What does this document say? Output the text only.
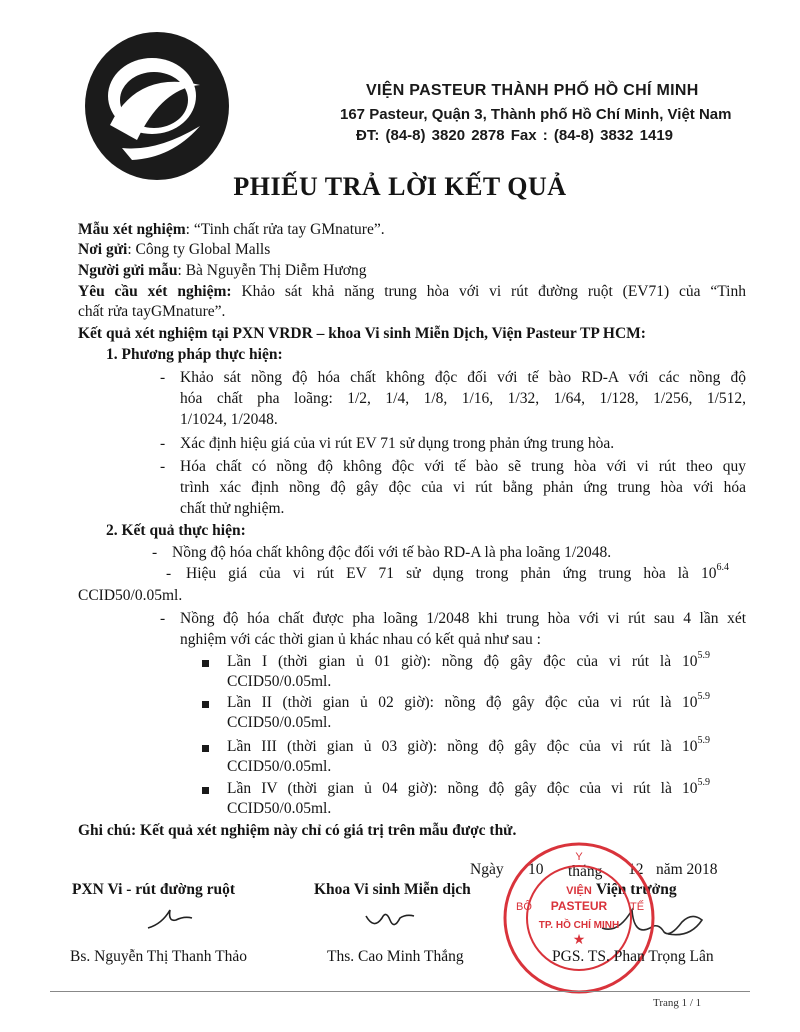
VIỆN PASTEUR THÀNH PHỐ HỒ CHÍ MINH
167 Pasteur, Quận 3, Thành phố Hồ Chí Minh, Việt Nam
ĐT: (84-8) 3820 2878 Fax : (84-8) 3832 1419
PHIẾU TRẢ LỜI KẾT QUẢ
Mẫu xét nghiệm: “Tinh chất rửa tay GMnature”.
Nơi gửi: Công ty Global Malls
Người gửi mẫu: Bà Nguyễn Thị Diễm Hương
Yêu cầu xét nghiệm: Khảo sát khả năng trung hòa với vi rút đường ruột (EV71) của “Tinh
chất rửa tayGMnature”.
Kết quả xét nghiệm tại PXN VRDR – khoa Vi sinh Miễn Dịch, Viện Pasteur TP HCM:
1. Phương pháp thực hiện:
- Khảo sát nồng độ hóa chất không độc đối với tế bào RD-A với các nồng độ
hóa chất pha loãng: 1/2, 1/4, 1/8, 1/16, 1/32, 1/64, 1/128, 1/256, 1/512,
1/1024, 1/2048.
- Xác định hiệu giá của vi rút EV 71 sử dụng trong phản ứng trung hòa.
- Hóa chất có nồng độ không độc với tế bào sẽ trung hòa với vi rút theo quy
trình xác định nồng độ gây độc của vi rút bằng phản ứng trung hòa với hóa
chất thử nghiệm.
2. Kết quả thực hiện:
- Nồng độ hóa chất không độc đối với tế bào RD-A là pha loãng 1/2048.
- Hiệu giá của vi rút EV 71 sử dụng trong phản ứng trung hòa là $10^{6.4}$
CCID50/0.05ml.
- Nồng độ hóa chất được pha loãng 1/2048 khi trung hòa với vi rút sau 4 lần xét
nghiệm với các thời gian ủ khác nhau có kết quả như sau :
Lần I (thời gian ủ 01 giờ): nồng độ gây độc của vi rút là $10^{5.9}$
CCID50/0.05ml.
Lần II (thời gian ủ 02 giờ): nồng độ gây độc của vi rút là $10^{5.9}$
CCID50/0.05ml.
Lần III (thời gian ủ 03 giờ): nồng độ gây độc của vi rút là $10^{5.9}$
CCID50/0.05ml.
Lần IV (thời gian ủ 04 giờ): nồng độ gây độc của vi rút là $10^{5.9}$
CCID50/0.05ml.
Ghi chú: Kết quả xét nghiệm này chỉ có giá trị trên mẫu được thử.
Ngày 10 tháng 12 năm 2018
PXN Vi - rút đường ruột	Khoa Vi sinh Miễn dịch	Viện trưởng
Y
BỘ	TẾ
VIỆN
PASTEUR
TP. HỒ CHÍ MINH
★
Bs. Nguyễn Thị Thanh Thảo	Ths. Cao Minh Thắng	PGS. TS. Phan Trọng Lân
Trang 1 / 1
